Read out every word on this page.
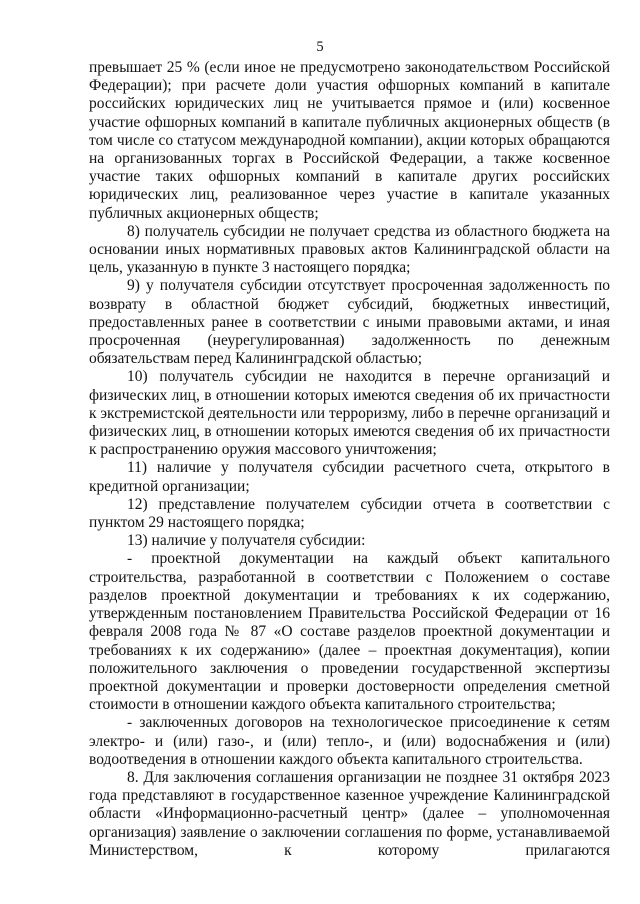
5

превышает 25 % (если иное не предусмотрено законодательством Российской Федерации); при расчете доли участия офшорных компаний в капитале российских юридических лиц не учитывается прямое и (или) косвенное участие офшорных компаний в капитале публичных акционерных обществ (в том числе со статусом международной компании), акции которых обращаются на организованных торгах в Российской Федерации, а также косвенное участие таких офшорных компаний в капитале других российских юридических лиц, реализованное через участие в капитале указанных публичных акционерных обществ;

8) получатель субсидии не получает средства из областного бюджета на основании иных нормативных правовых актов Калининградской области на цель, указанную в пункте 3 настоящего порядка;

9) у получателя субсидии отсутствует просроченная задолженность по возврату в областной бюджет субсидий, бюджетных инвестиций, предоставленных ранее в соответствии с иными правовыми актами, и иная просроченная (неурегулированная) задолженность по денежным обязательствам перед Калининградской областью;

10) получатель субсидии не находится в перечне организаций и физических лиц, в отношении которых имеются сведения об их причастности к экстремистской деятельности или терроризму, либо в перечне организаций и физических лиц, в отношении которых имеются сведения об их причастности к распространению оружия массового уничтожения;

11) наличие у получателя субсидии расчетного счета, открытого в кредитной организации;

12) представление получателем субсидии отчета в соответствии с пунктом 29 настоящего порядка;

13) наличие у получателя субсидии:

- проектной документации на каждый объект капитального строительства, разработанной в соответствии с Положением о составе разделов проектной документации и требованиях к их содержанию, утвержденным постановлением Правительства Российской Федерации от 16 февраля 2008 года № 87 «О составе разделов проектной документации и требованиях к их содержанию» (далее – проектная документация), копии положительного заключения о проведении государственной экспертизы проектной документации и проверки достоверности определения сметной стоимости в отношении каждого объекта капитального строительства;

- заключенных договоров на технологическое присоединение к сетям электро- и (или) газо-, и (или) тепло-, и (или) водоснабжения и (или) водоотведения в отношении каждого объекта капитального строительства.

8. Для заключения соглашения организации не позднее 31 октября 2023 года представляют в государственное казенное учреждение Калининградской области «Информационно-расчетный центр» (далее – уполномоченная организация) заявление о заключении соглашения по форме, устанавливаемой Министерством, к которому прилагаются
